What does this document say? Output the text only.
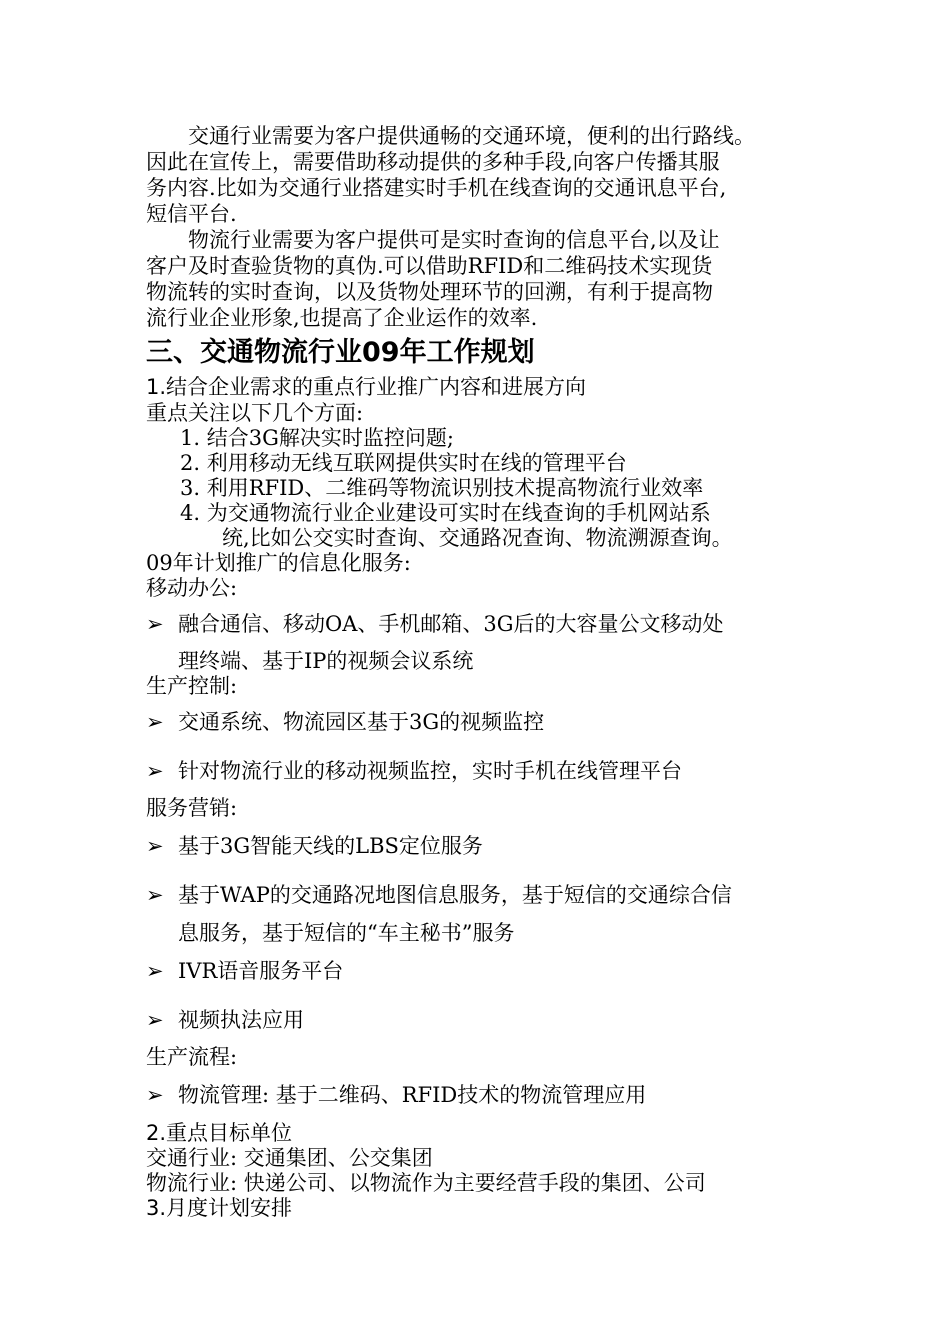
　　交通行业需要为客户提供通畅的交通环境，便利的出行路线。
因此在宣传上，需要借助移动提供的多种手段,向客户传播其服
务内容.比如为交通行业搭建实时手机在线查询的交通讯息平台,
短信平台.
　　物流行业需要为客户提供可是实时查询的信息平台,以及让
客户及时查验货物的真伪.可以借助RFID和二维码技术实现货
物流转的实时查询，以及货物处理环节的回溯，有利于提高物
流行业企业形象,也提高了企业运作的效率.
三、交通物流行业09年工作规划
1.结合企业需求的重点行业推广内容和进展方向
重点关注以下几个方面:
1. 结合3G解决实时监控问题;
2. 利用移动无线互联网提供实时在线的管理平台
3. 利用RFID、二维码等物流识别技术提高物流行业效率
4. 为交通物流行业企业建设可实时在线查询的手机网站系
　　统,比如公交实时查询、交通路况查询、物流溯源查询。
09年计划推广的信息化服务:
移动办公:
➢ 融合通信、移动OA、手机邮箱、3G后的大容量公文移动处
理终端、基于IP的视频会议系统
生产控制:
➢ 交通系统、物流园区基于3G的视频监控
➢ 针对物流行业的移动视频监控，实时手机在线管理平台
服务营销:
➢ 基于3G智能天线的LBS定位服务
➢ 基于WAP的交通路况地图信息服务，基于短信的交通综合信
息服务，基于短信的“车主秘书”服务
➢ IVR语音服务平台
➢ 视频执法应用
生产流程:
➢ 物流管理: 基于二维码、RFID技术的物流管理应用
2.重点目标单位
交通行业: 交通集团、公交集团
物流行业: 快递公司、以物流作为主要经营手段的集团、公司
3.月度计划安排
